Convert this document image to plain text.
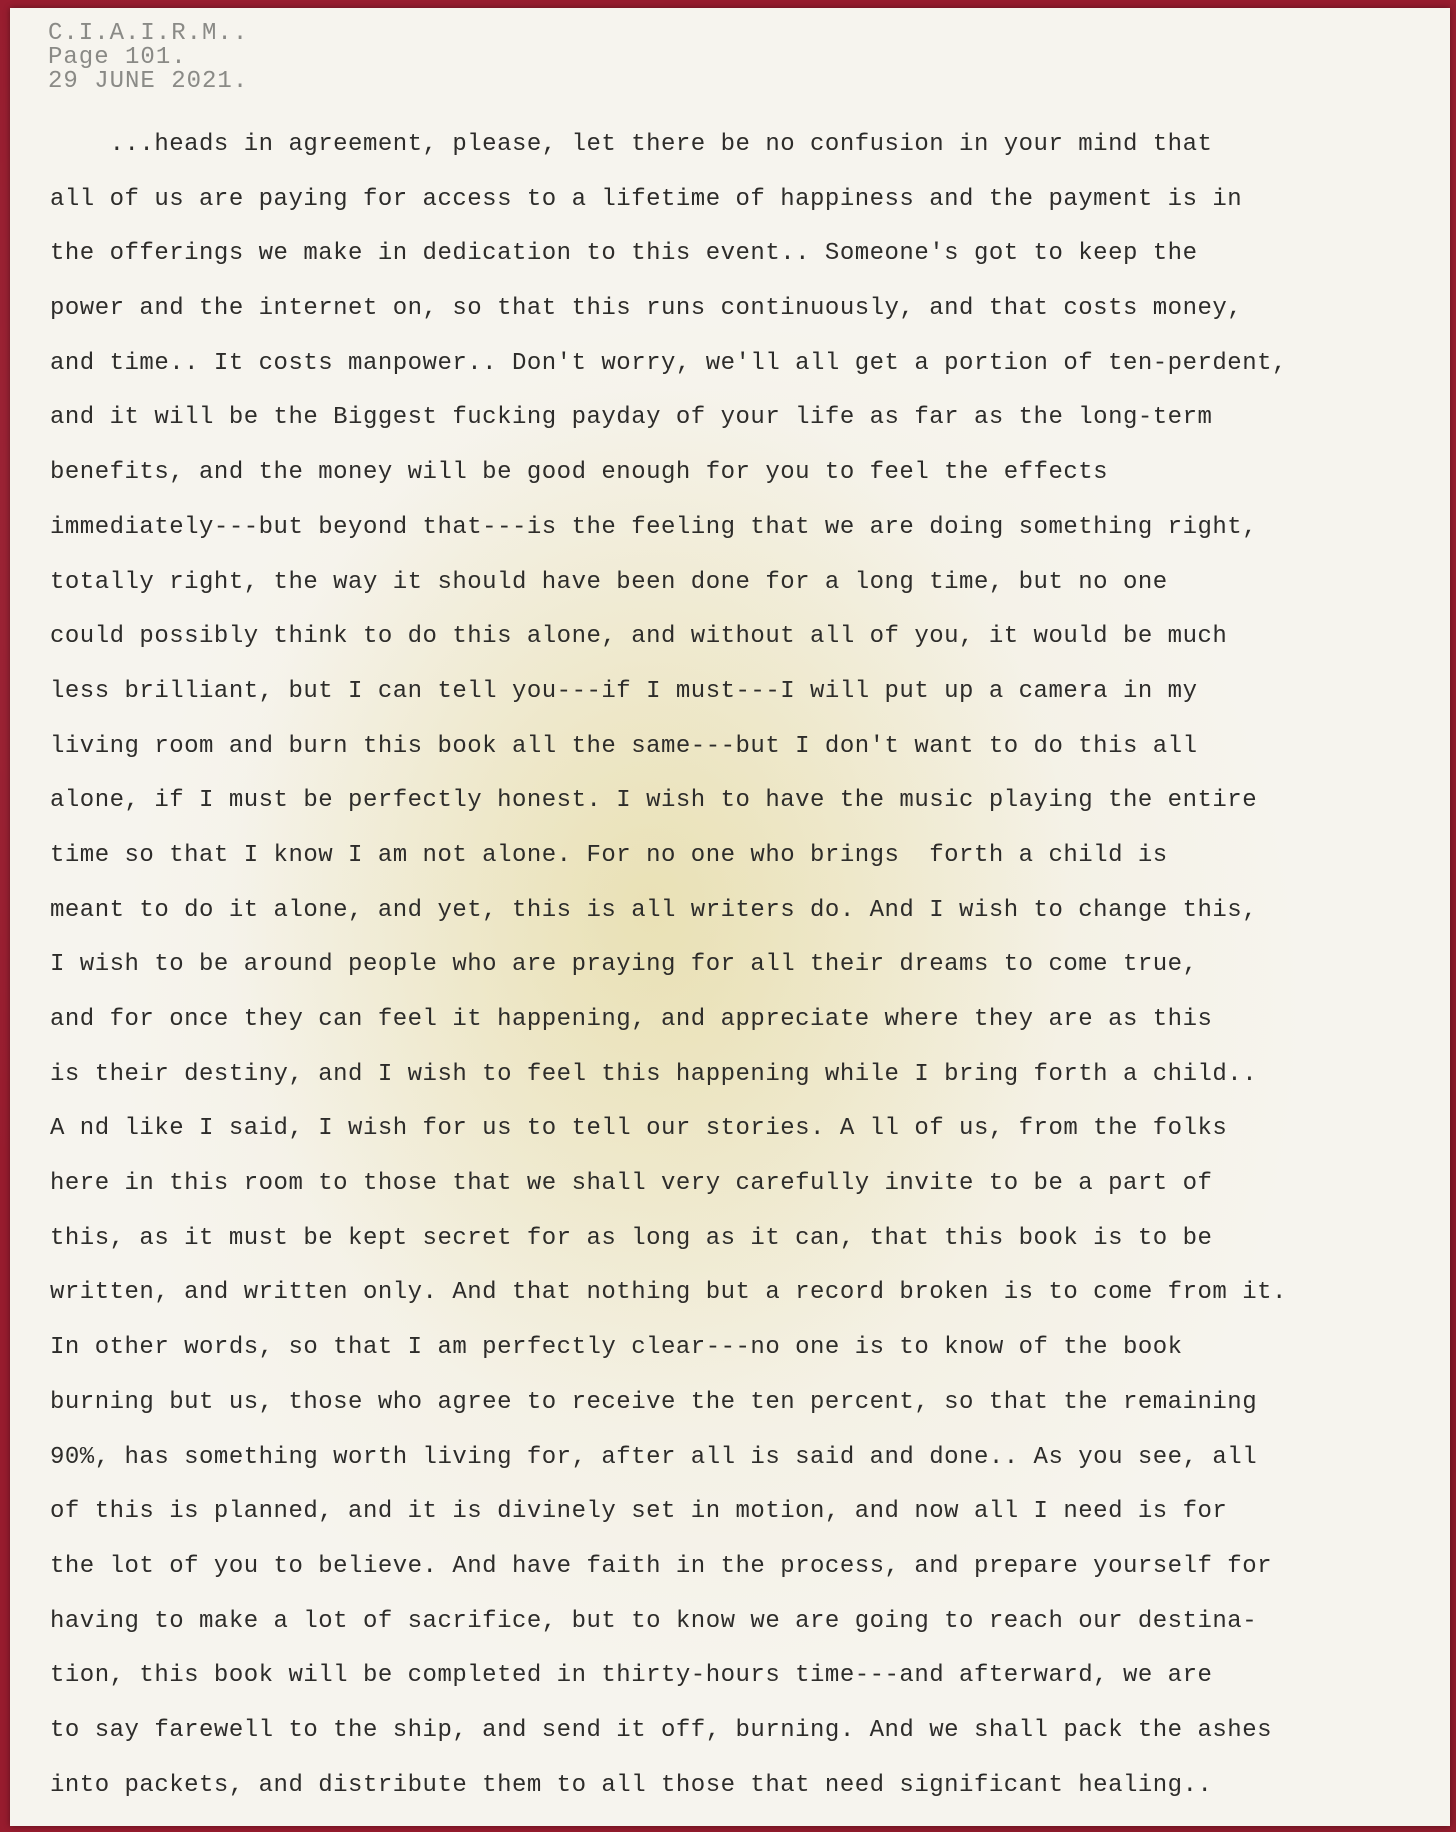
C.I.A.I.R.M..
Page 101.
29 JUNE 2021.
...heads in agreement, please, let there be no confusion in your mind that
all of us are paying for access to a lifetime of happiness and the payment is in
the offerings we make in dedication to this event.. Someone's got to keep the
power and the internet on, so that this runs continuously, and that costs money,
and time.. It costs manpower.. Don't worry, we'll all get a portion of ten-perdent,
and it will be the Biggest fucking payday of your life as far as the long-term
benefits, and the money will be good enough for you to feel the effects
immediately---but beyond that---is the feeling that we are doing something right,
totally right, the way it should have been done for a long time, but no one
could possibly think to do this alone, and without all of you, it would be much
less brilliant, but I can tell you---if I must---I will put up a camera in my
living room and burn this book all the same---but I don't want to do this all
alone, if I must be perfectly honest. I wish to have the music playing the entire
time so that I know I am not alone. For no one who brings  forth a child is
meant to do it alone, and yet, this is all writers do. And I wish to change this,
I wish to be around people who are praying for all their dreams to come true,
and for once they can feel it happening, and appreciate where they are as this
is their destiny, and I wish to feel this happening while I bring forth a child..
A nd like I said, I wish for us to tell our stories. A ll of us, from the folks
here in this room to those that we shall very carefully invite to be a part of
this, as it must be kept secret for as long as it can, that this book is to be
written, and written only. And that nothing but a record broken is to come from it.
In other words, so that I am perfectly clear---no one is to know of the book
burning but us, those who agree to receive the ten percent, so that the remaining
90%, has something worth living for, after all is said and done.. As you see, all
of this is planned, and it is divinely set in motion, and now all I need is for
the lot of you to believe. And have faith in the process, and prepare yourself for
having to make a lot of sacrifice, but to know we are going to reach our destina-
tion, this book will be completed in thirty-hours time---and afterward, we are
to say farewell to the ship, and send it off, burning. And we shall pack the ashes
into packets, and distribute them to all those that need significant healing..
